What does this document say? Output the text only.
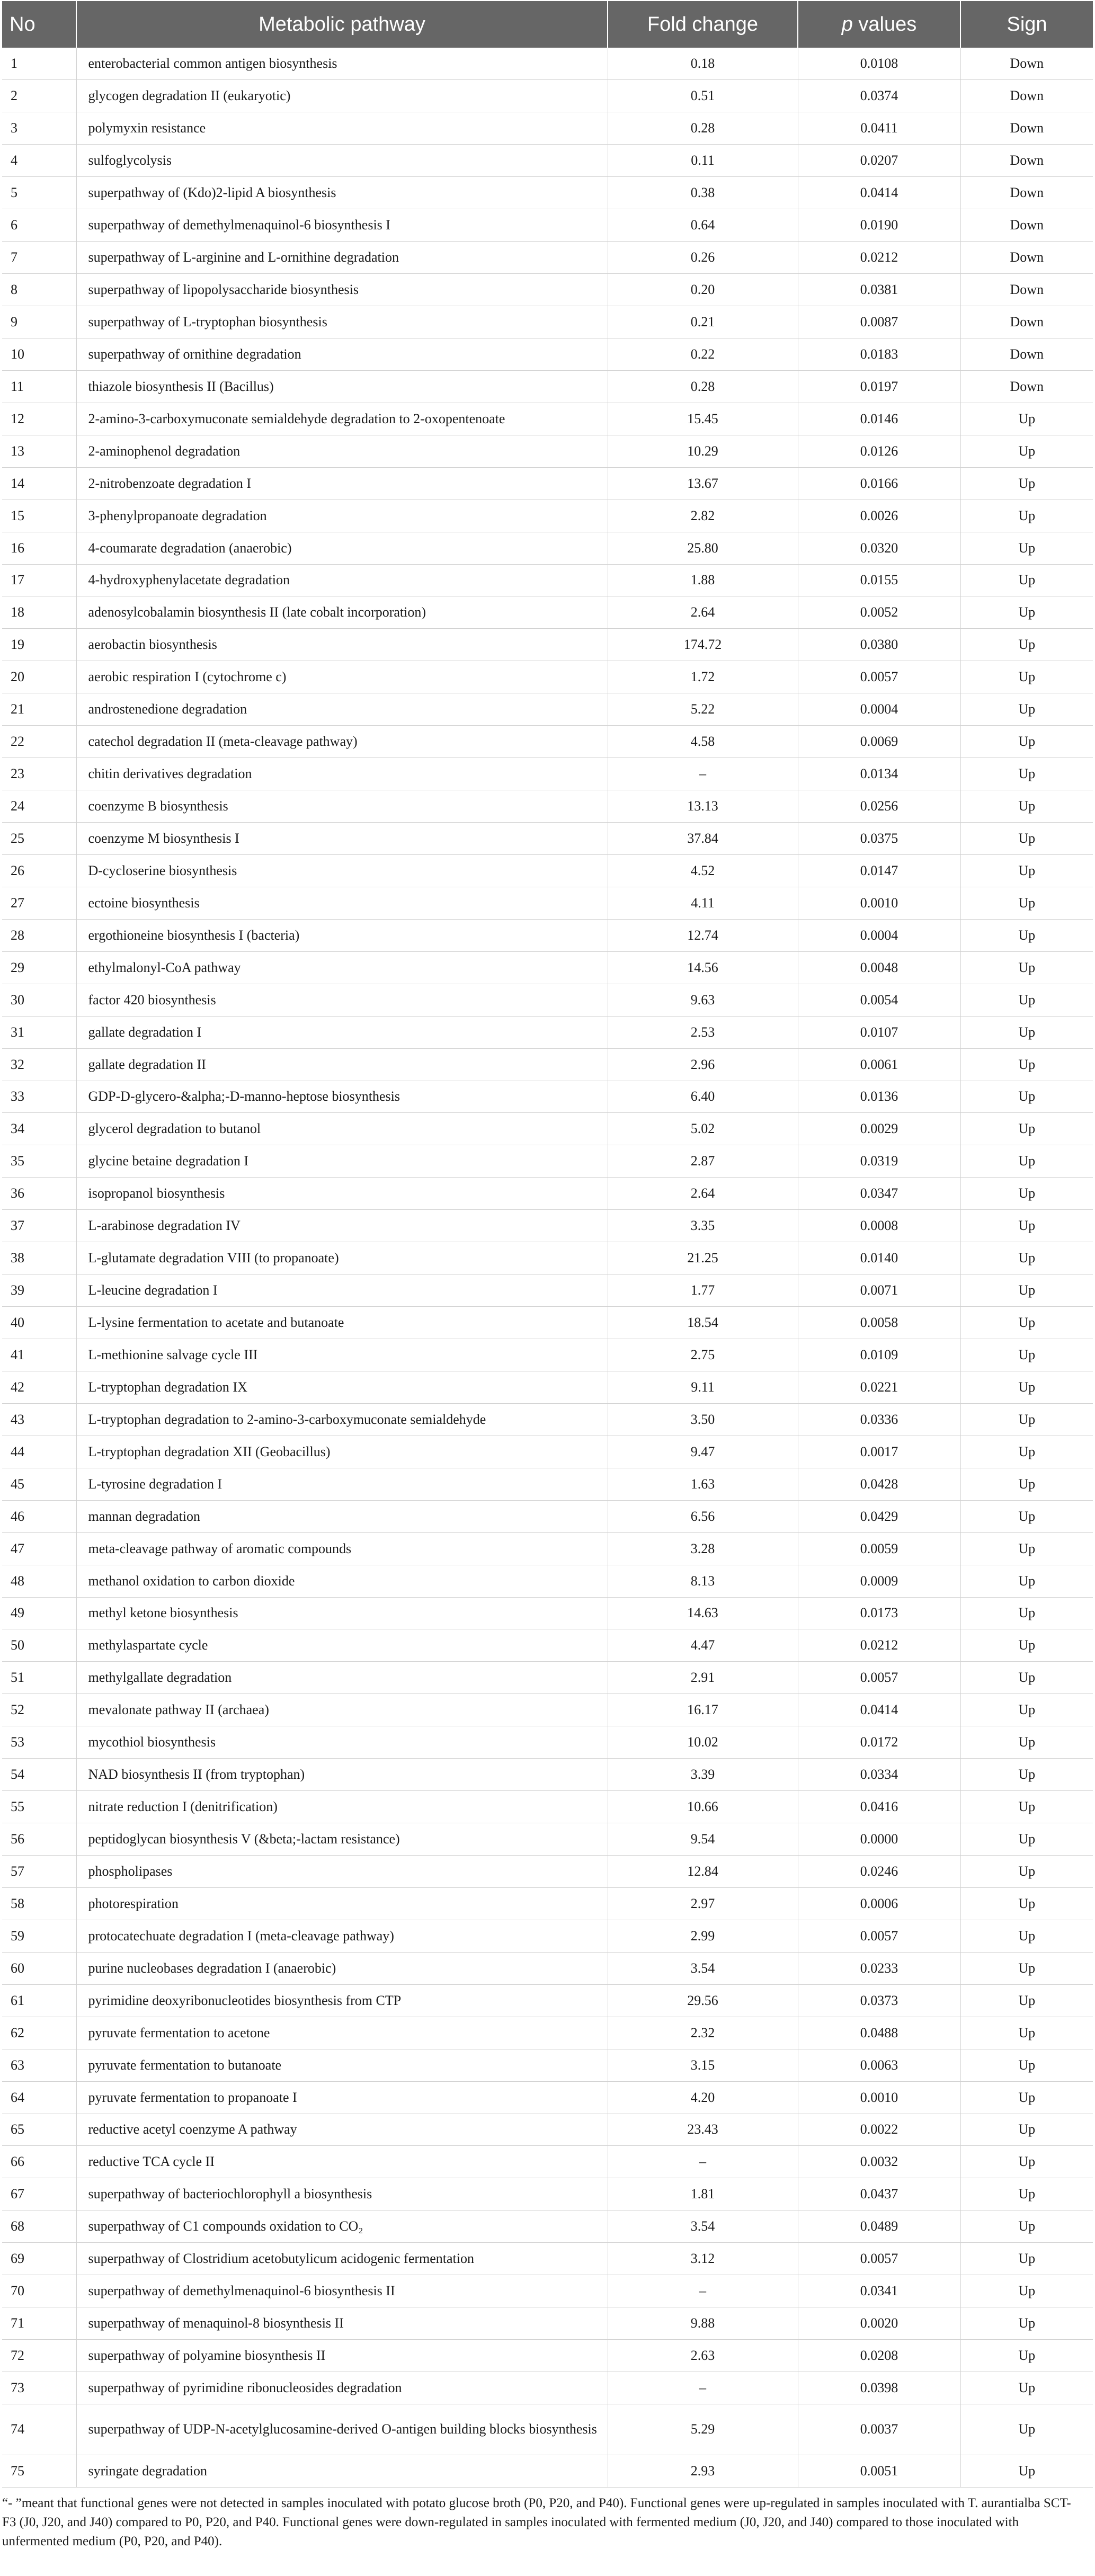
No	Metabolic pathway	Fold change	p values	Sign
1	enterobacterial common antigen biosynthesis	0.18	0.0108	Down
2	glycogen degradation II (eukaryotic)	0.51	0.0374	Down
3	polymyxin resistance	0.28	0.0411	Down
4	sulfoglycolysis	0.11	0.0207	Down
5	superpathway of (Kdo)2-lipid A biosynthesis	0.38	0.0414	Down
6	superpathway of demethylmenaquinol-6 biosynthesis I	0.64	0.0190	Down
7	superpathway of L-arginine and L-ornithine degradation	0.26	0.0212	Down
8	superpathway of lipopolysaccharide biosynthesis	0.20	0.0381	Down
9	superpathway of L-tryptophan biosynthesis	0.21	0.0087	Down
10	superpathway of ornithine degradation	0.22	0.0183	Down
11	thiazole biosynthesis II (Bacillus)	0.28	0.0197	Down
12	2-amino-3-carboxymuconate semialdehyde degradation to 2-oxopentenoate	15.45	0.0146	Up
13	2-aminophenol degradation	10.29	0.0126	Up
14	2-nitrobenzoate degradation I	13.67	0.0166	Up
15	3-phenylpropanoate degradation	2.82	0.0026	Up
16	4-coumarate degradation (anaerobic)	25.80	0.0320	Up
17	4-hydroxyphenylacetate degradation	1.88	0.0155	Up
18	adenosylcobalamin biosynthesis II (late cobalt incorporation)	2.64	0.0052	Up
19	aerobactin biosynthesis	174.72	0.0380	Up
20	aerobic respiration I (cytochrome c)	1.72	0.0057	Up
21	androstenedione degradation	5.22	0.0004	Up
22	catechol degradation II (meta-cleavage pathway)	4.58	0.0069	Up
23	chitin derivatives degradation	–	0.0134	Up
24	coenzyme B biosynthesis	13.13	0.0256	Up
25	coenzyme M biosynthesis I	37.84	0.0375	Up
26	D-cycloserine biosynthesis	4.52	0.0147	Up
27	ectoine biosynthesis	4.11	0.0010	Up
28	ergothioneine biosynthesis I (bacteria)	12.74	0.0004	Up
29	ethylmalonyl-CoA pathway	14.56	0.0048	Up
30	factor 420 biosynthesis	9.63	0.0054	Up
31	gallate degradation I	2.53	0.0107	Up
32	gallate degradation II	2.96	0.0061	Up
33	GDP-D-glycero-&alpha;-D-manno-heptose biosynthesis	6.40	0.0136	Up
34	glycerol degradation to butanol	5.02	0.0029	Up
35	glycine betaine degradation I	2.87	0.0319	Up
36	isopropanol biosynthesis	2.64	0.0347	Up
37	L-arabinose degradation IV	3.35	0.0008	Up
38	L-glutamate degradation VIII (to propanoate)	21.25	0.0140	Up
39	L-leucine degradation I	1.77	0.0071	Up
40	L-lysine fermentation to acetate and butanoate	18.54	0.0058	Up
41	L-methionine salvage cycle III	2.75	0.0109	Up
42	L-tryptophan degradation IX	9.11	0.0221	Up
43	L-tryptophan degradation to 2-amino-3-carboxymuconate semialdehyde	3.50	0.0336	Up
44	L-tryptophan degradation XII (Geobacillus)	9.47	0.0017	Up
45	L-tyrosine degradation I	1.63	0.0428	Up
46	mannan degradation	6.56	0.0429	Up
47	meta-cleavage pathway of aromatic compounds	3.28	0.0059	Up
48	methanol oxidation to carbon dioxide	8.13	0.0009	Up
49	methyl ketone biosynthesis	14.63	0.0173	Up
50	methylaspartate cycle	4.47	0.0212	Up
51	methylgallate degradation	2.91	0.0057	Up
52	mevalonate pathway II (archaea)	16.17	0.0414	Up
53	mycothiol biosynthesis	10.02	0.0172	Up
54	NAD biosynthesis II (from tryptophan)	3.39	0.0334	Up
55	nitrate reduction I (denitrification)	10.66	0.0416	Up
56	peptidoglycan biosynthesis V (&beta;-lactam resistance)	9.54	0.0000	Up
57	phospholipases	12.84	0.0246	Up
58	photorespiration	2.97	0.0006	Up
59	protocatechuate degradation I (meta-cleavage pathway)	2.99	0.0057	Up
60	purine nucleobases degradation I (anaerobic)	3.54	0.0233	Up
61	pyrimidine deoxyribonucleotides biosynthesis from CTP	29.56	0.0373	Up
62	pyruvate fermentation to acetone	2.32	0.0488	Up
63	pyruvate fermentation to butanoate	3.15	0.0063	Up
64	pyruvate fermentation to propanoate I	4.20	0.0010	Up
65	reductive acetyl coenzyme A pathway	23.43	0.0022	Up
66	reductive TCA cycle II	–	0.0032	Up
67	superpathway of bacteriochlorophyll a biosynthesis	1.81	0.0437	Up
68	superpathway of C1 compounds oxidation to CO₂	3.54	0.0489	Up
69	superpathway of Clostridium acetobutylicum acidogenic fermentation	3.12	0.0057	Up
70	superpathway of demethylmenaquinol-6 biosynthesis II	–	0.0341	Up
71	superpathway of menaquinol-8 biosynthesis II	9.88	0.0020	Up
72	superpathway of polyamine biosynthesis II	2.63	0.0208	Up
73	superpathway of pyrimidine ribonucleosides degradation	–	0.0398	Up
74	superpathway of UDP-N-acetylglucosamine-derived O-antigen building blocks biosynthesis	5.29	0.0037	Up
75	syringate degradation	2.93	0.0051	Up
“- ”meant that functional genes were not detected in samples inoculated with potato glucose broth (P0, P20, and P40). Functional genes were up-regulated in samples inoculated with T. aurantialba SCT-F3 (J0, J20, and J40) compared to P0, P20, and P40. Functional genes were down-regulated in samples inoculated with fermented medium (J0, J20, and J40) compared to those inoculated with unfermented medium (P0, P20, and P40).
